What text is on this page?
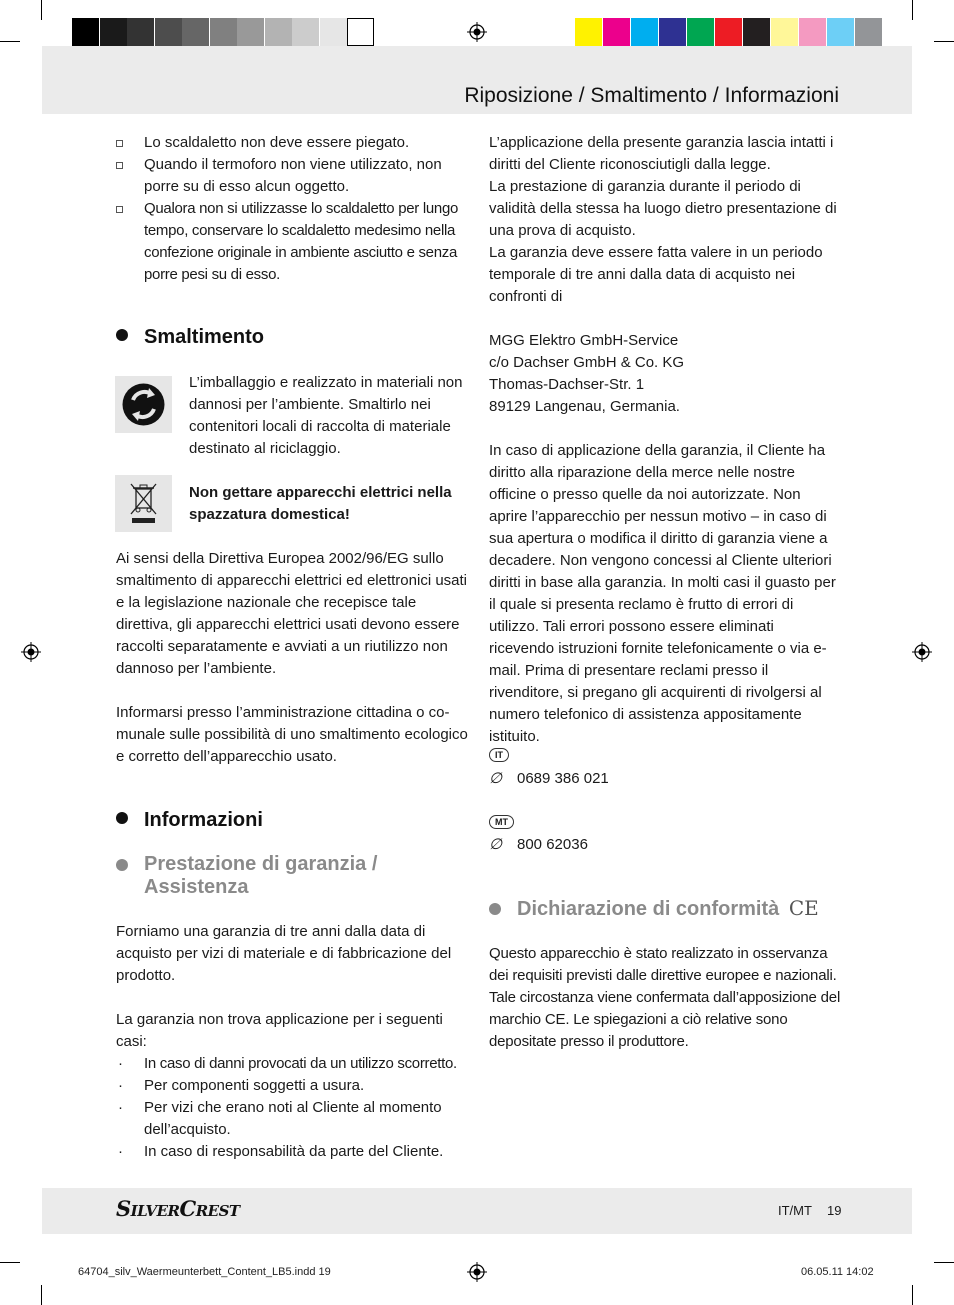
Riposizione / Smaltimento / Informazioni
Lo scaldaletto non deve essere piegato.
Quando il termoforo non viene utilizzato, non porre su di esso alcun oggetto.
Qualora non si utilizzasse lo scaldaletto per lungo tempo, conservare lo scaldaletto medesimo nella confezione originale in ambiente asciutto e senza porre pesi su di esso.
Smaltimento
L’imballaggio e realizzato in materiali non dannosi per l’ambiente. Smaltirlo nei contenitori locali di raccolta di materiale destinato al riciclaggio.
Non gettare apparecchi elettrici nella spazzatura domestica!
Ai sensi della Direttiva Europea 2002/96/EG sullo smaltimento di apparecchi elettrici ed elettronici usati e la legislazione nazionale che recepisce tale direttiva, gli apparecchi elettrici usati devono essere raccolti separatamente e avviati a un riutilizzo non dannoso per l’ambiente.
Informarsi presso l’amministrazione cittadina o co-munale sulle possibilità di uno smaltimento ecologico e corretto dell’apparecchio usato.
Informazioni
Prestazione di garanzia /
Assistenza
Forniamo una garanzia di tre anni dalla data di acquisto per vizi di materiale e di fabbricazione del prodotto.
La garanzia non trova applicazione per i seguenti casi:
· In caso di danni provocati da un utilizzo scorretto.
· Per componenti soggetti a usura.
· Per vizi che erano noti al Cliente al momento dell’acquisto.
· In caso di responsabilità da parte del Cliente.
L’applicazione della presente garanzia lascia intatti i diritti del Cliente riconosciutigli dalla legge.
La prestazione di garanzia durante il periodo di validità della stessa ha luogo dietro presentazione di una prova di acquisto.
La garanzia deve essere fatta valere in un periodo temporale di tre anni dalla data di acquisto nei confronti di
MGG Elektro GmbH-Service
c/o Dachser GmbH & Co. KG
Thomas-Dachser-Str. 1
89129 Langenau, Germania.
In caso di applicazione della garanzia, il Cliente ha diritto alla riparazione della merce nelle nostre officine o presso quelle da noi autorizzate. Non aprire l’apparecchio per nessun motivo – in caso di sua apertura o modifica il diritto di garanzia viene a decadere. Non vengono concessi al Cliente ulteriori diritti in base alla garanzia. In molti casi il guasto per il quale si presenta reclamo è frutto di errori di utilizzo. Tali errori possono essere eliminati ricevendo istruzioni fornite telefonicamente o via e-mail. Prima di presentare reclami presso il rivenditore, si pregano gli acquirenti di rivolgersi al numero telefonico di assistenza appositamente istituito.
IT
∅ 0689 386 021
MT
∅ 800 62036
Dichiarazione di conformità CE
Questo apparecchio è stato realizzato in osservanza dei requisiti previsti dalle direttive europee e nazionali. Tale circostanza viene confermata dall’apposizione del marchio CE. Le spiegazioni a ciò relative sono depositate presso il produttore.
SilverCrest	IT/MT 19
64704_silv_Waermeunterbett_Content_LB5.indd 19	06.05.11 14:02
